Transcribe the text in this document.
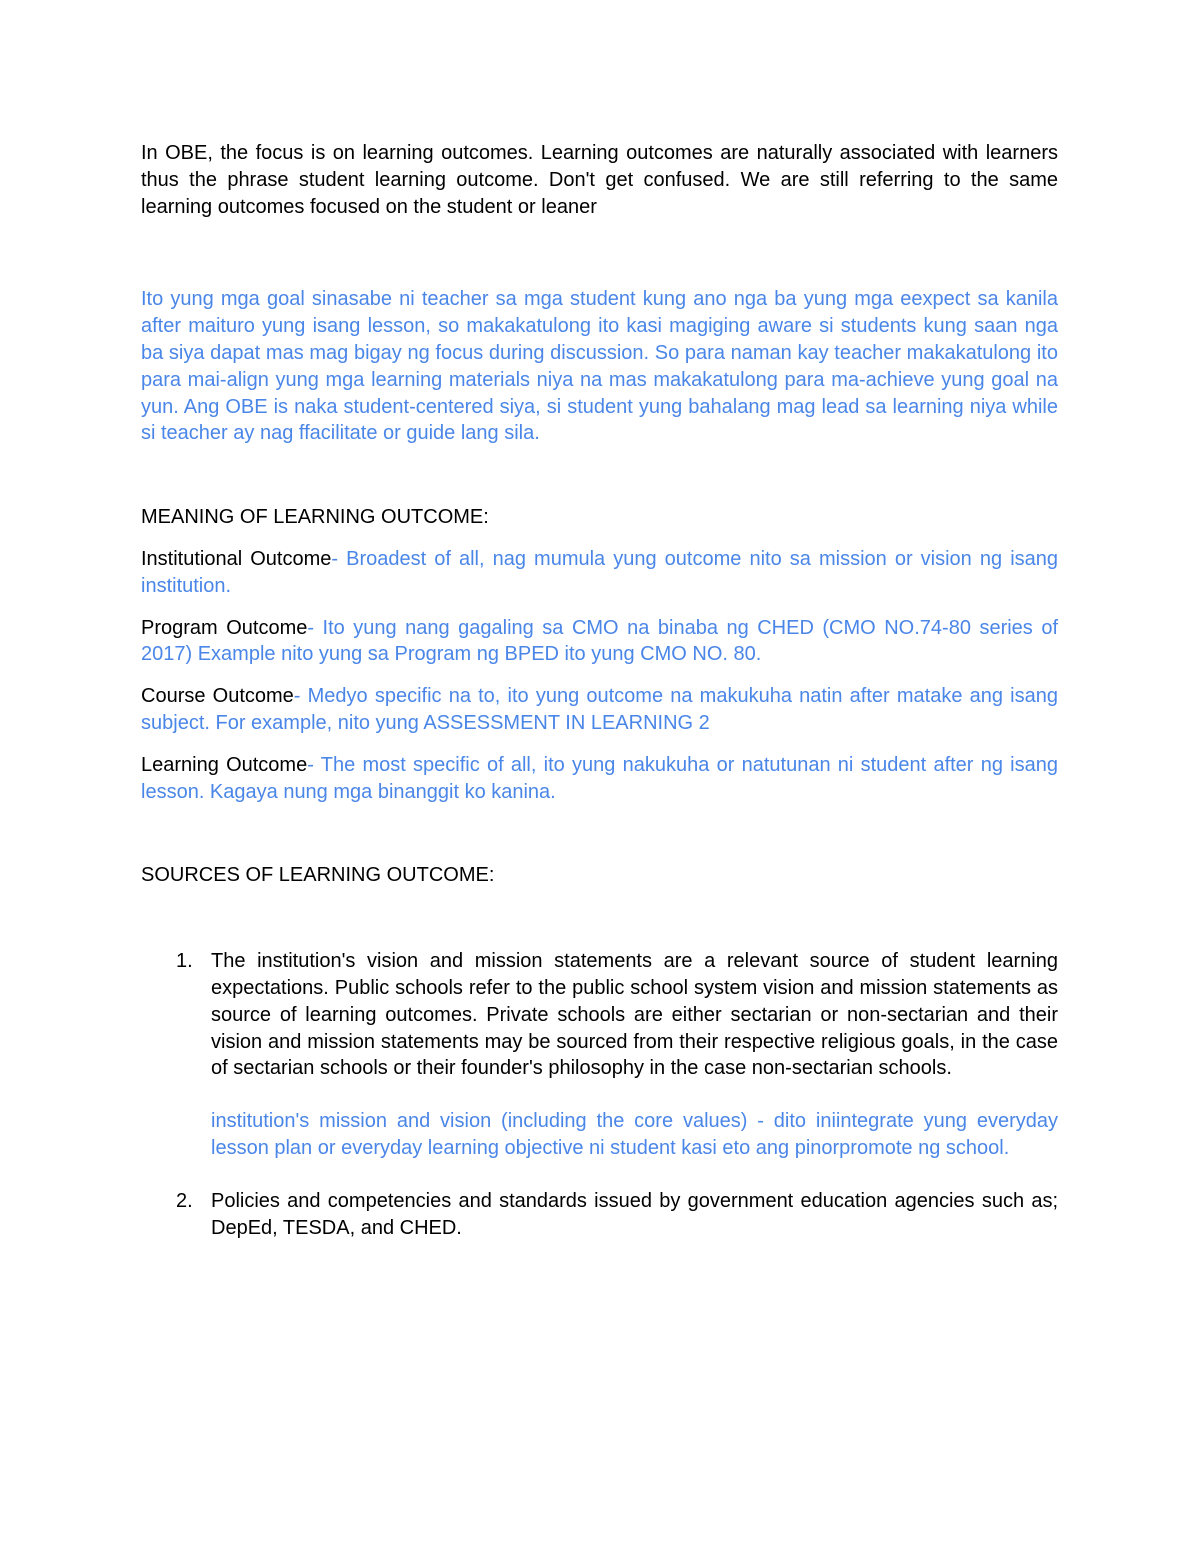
In OBE, the focus is on learning outcomes. Learning outcomes are naturally associated with learners thus the phrase student learning outcome. Don't get confused. We are still referring to the same learning outcomes focused on the student or leaner

Ito yung mga goal sinasabe ni teacher sa mga student kung ano nga ba yung mga eexpect sa kanila after maituro yung isang lesson, so makakatulong ito kasi magiging aware si students kung saan nga ba siya dapat mas mag bigay ng focus during discussion. So para naman kay teacher makakatulong ito para mai-align yung mga learning materials niya na mas makakatulong para ma-achieve yung goal na yun. Ang OBE is naka student-centered siya, si student yung bahalang mag lead sa learning niya while si teacher ay nag ffacilitate or guide lang sila.

MEANING OF LEARNING OUTCOME:

Institutional Outcome- Broadest of all, nag mumula yung outcome nito sa mission or vision ng isang institution.

Program Outcome- Ito yung nang gagaling sa CMO na binaba ng CHED (CMO NO.74-80 series of 2017) Example nito yung sa Program ng BPED ito yung CMO NO. 80.

Course Outcome- Medyo specific na to, ito yung outcome na makukuha natin after matake ang isang subject. For example, nito yung ASSESSMENT IN LEARNING 2

Learning Outcome- The most specific of all, ito yung nakukuha or natutunan ni student after ng isang lesson. Kagaya nung mga binanggit ko kanina.

SOURCES OF LEARNING OUTCOME:

1. The institution's vision and mission statements are a relevant source of student learning expectations. Public schools refer to the public school system vision and mission statements as source of learning outcomes. Private schools are either sectarian or non-sectarian and their vision and mission statements may be sourced from their respective religious goals, in the case of sectarian schools or their founder's philosophy in the case non-sectarian schools.

institution's mission and vision (including the core values) - dito iniintegrate yung everyday lesson plan or everyday learning objective ni student kasi eto ang pinorpromote ng school.

2. Policies and competencies and standards issued by government education agencies such as; DepEd, TESDA, and CHED.
